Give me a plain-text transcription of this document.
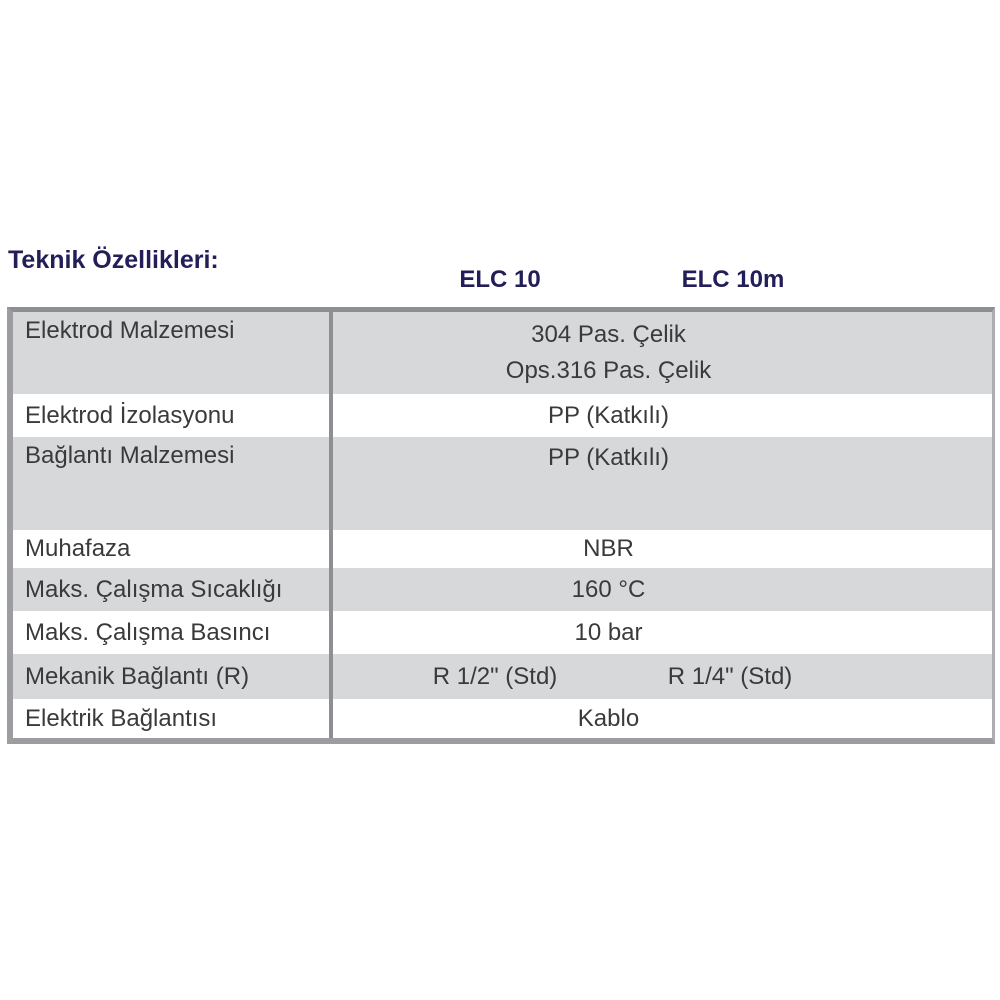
Teknik Özellikleri:
ELC 10	ELC 10m
Elektrod Malzemesi	304 Pas. Çelik
Ops.316 Pas. Çelik
Elektrod İzolasyonu	PP (Katkılı)
Bağlantı Malzemesi	PP (Katkılı)
Muhafaza	NBR
Maks. Çalışma Sıcaklığı	160 °C
Maks. Çalışma Basıncı	10 bar
Mekanik Bağlantı (R)	R 1/2" (Std)	R 1/4" (Std)
Elektrik Bağlantısı	Kablo
